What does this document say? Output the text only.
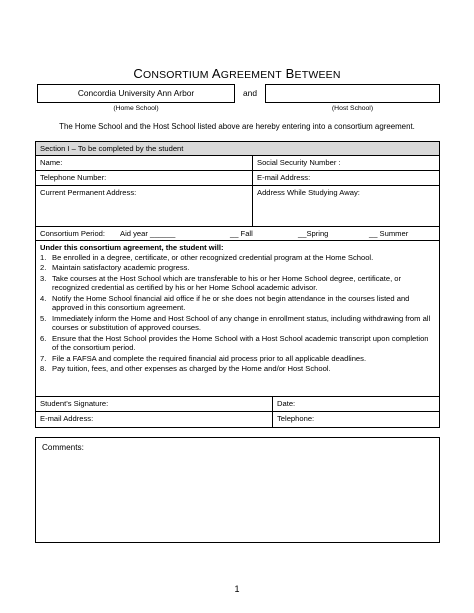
CONSORTIUM AGREEMENT BETWEEN
Concordia University Ann Arbor	and
(Home School)	(Host School)
The Home School and the Host School listed above are hereby entering into a consortium agreement.
Section I – To be completed by the student
Name:	Social Security Number :
Telephone Number:	E-mail Address:
Current Permanent Address:	Address While Studying Away:
Consortium Period: Aid year ______	__ Fall	__Spring	__ Summer
Under this consortium agreement, the student will:
1. Be enrolled in a degree, certificate, or other recognized credential program at the Home School.
2. Maintain satisfactory academic progress.
3. Take courses at the Host School which are transferable to his or her Home School degree, certificate, or recognized credential as certified by his or her Home School academic advisor.
4. Notify the Home School financial aid office if he or she does not begin attendance in the courses listed and approved in this consortium agreement.
5. Immediately inform the Home and Host School of any change in enrollment status, including withdrawing from all courses or substitution of approved courses.
6. Ensure that the Host School provides the Home School with a Host School academic transcript upon completion of the consortium period.
7. File a FAFSA and complete the required financial aid process prior to all applicable deadlines.
8. Pay tuition, fees, and other expenses as charged by the Home and/or Host School.
Student’s Signature:	Date:
E-mail Address:	Telephone:
Comments:
1
